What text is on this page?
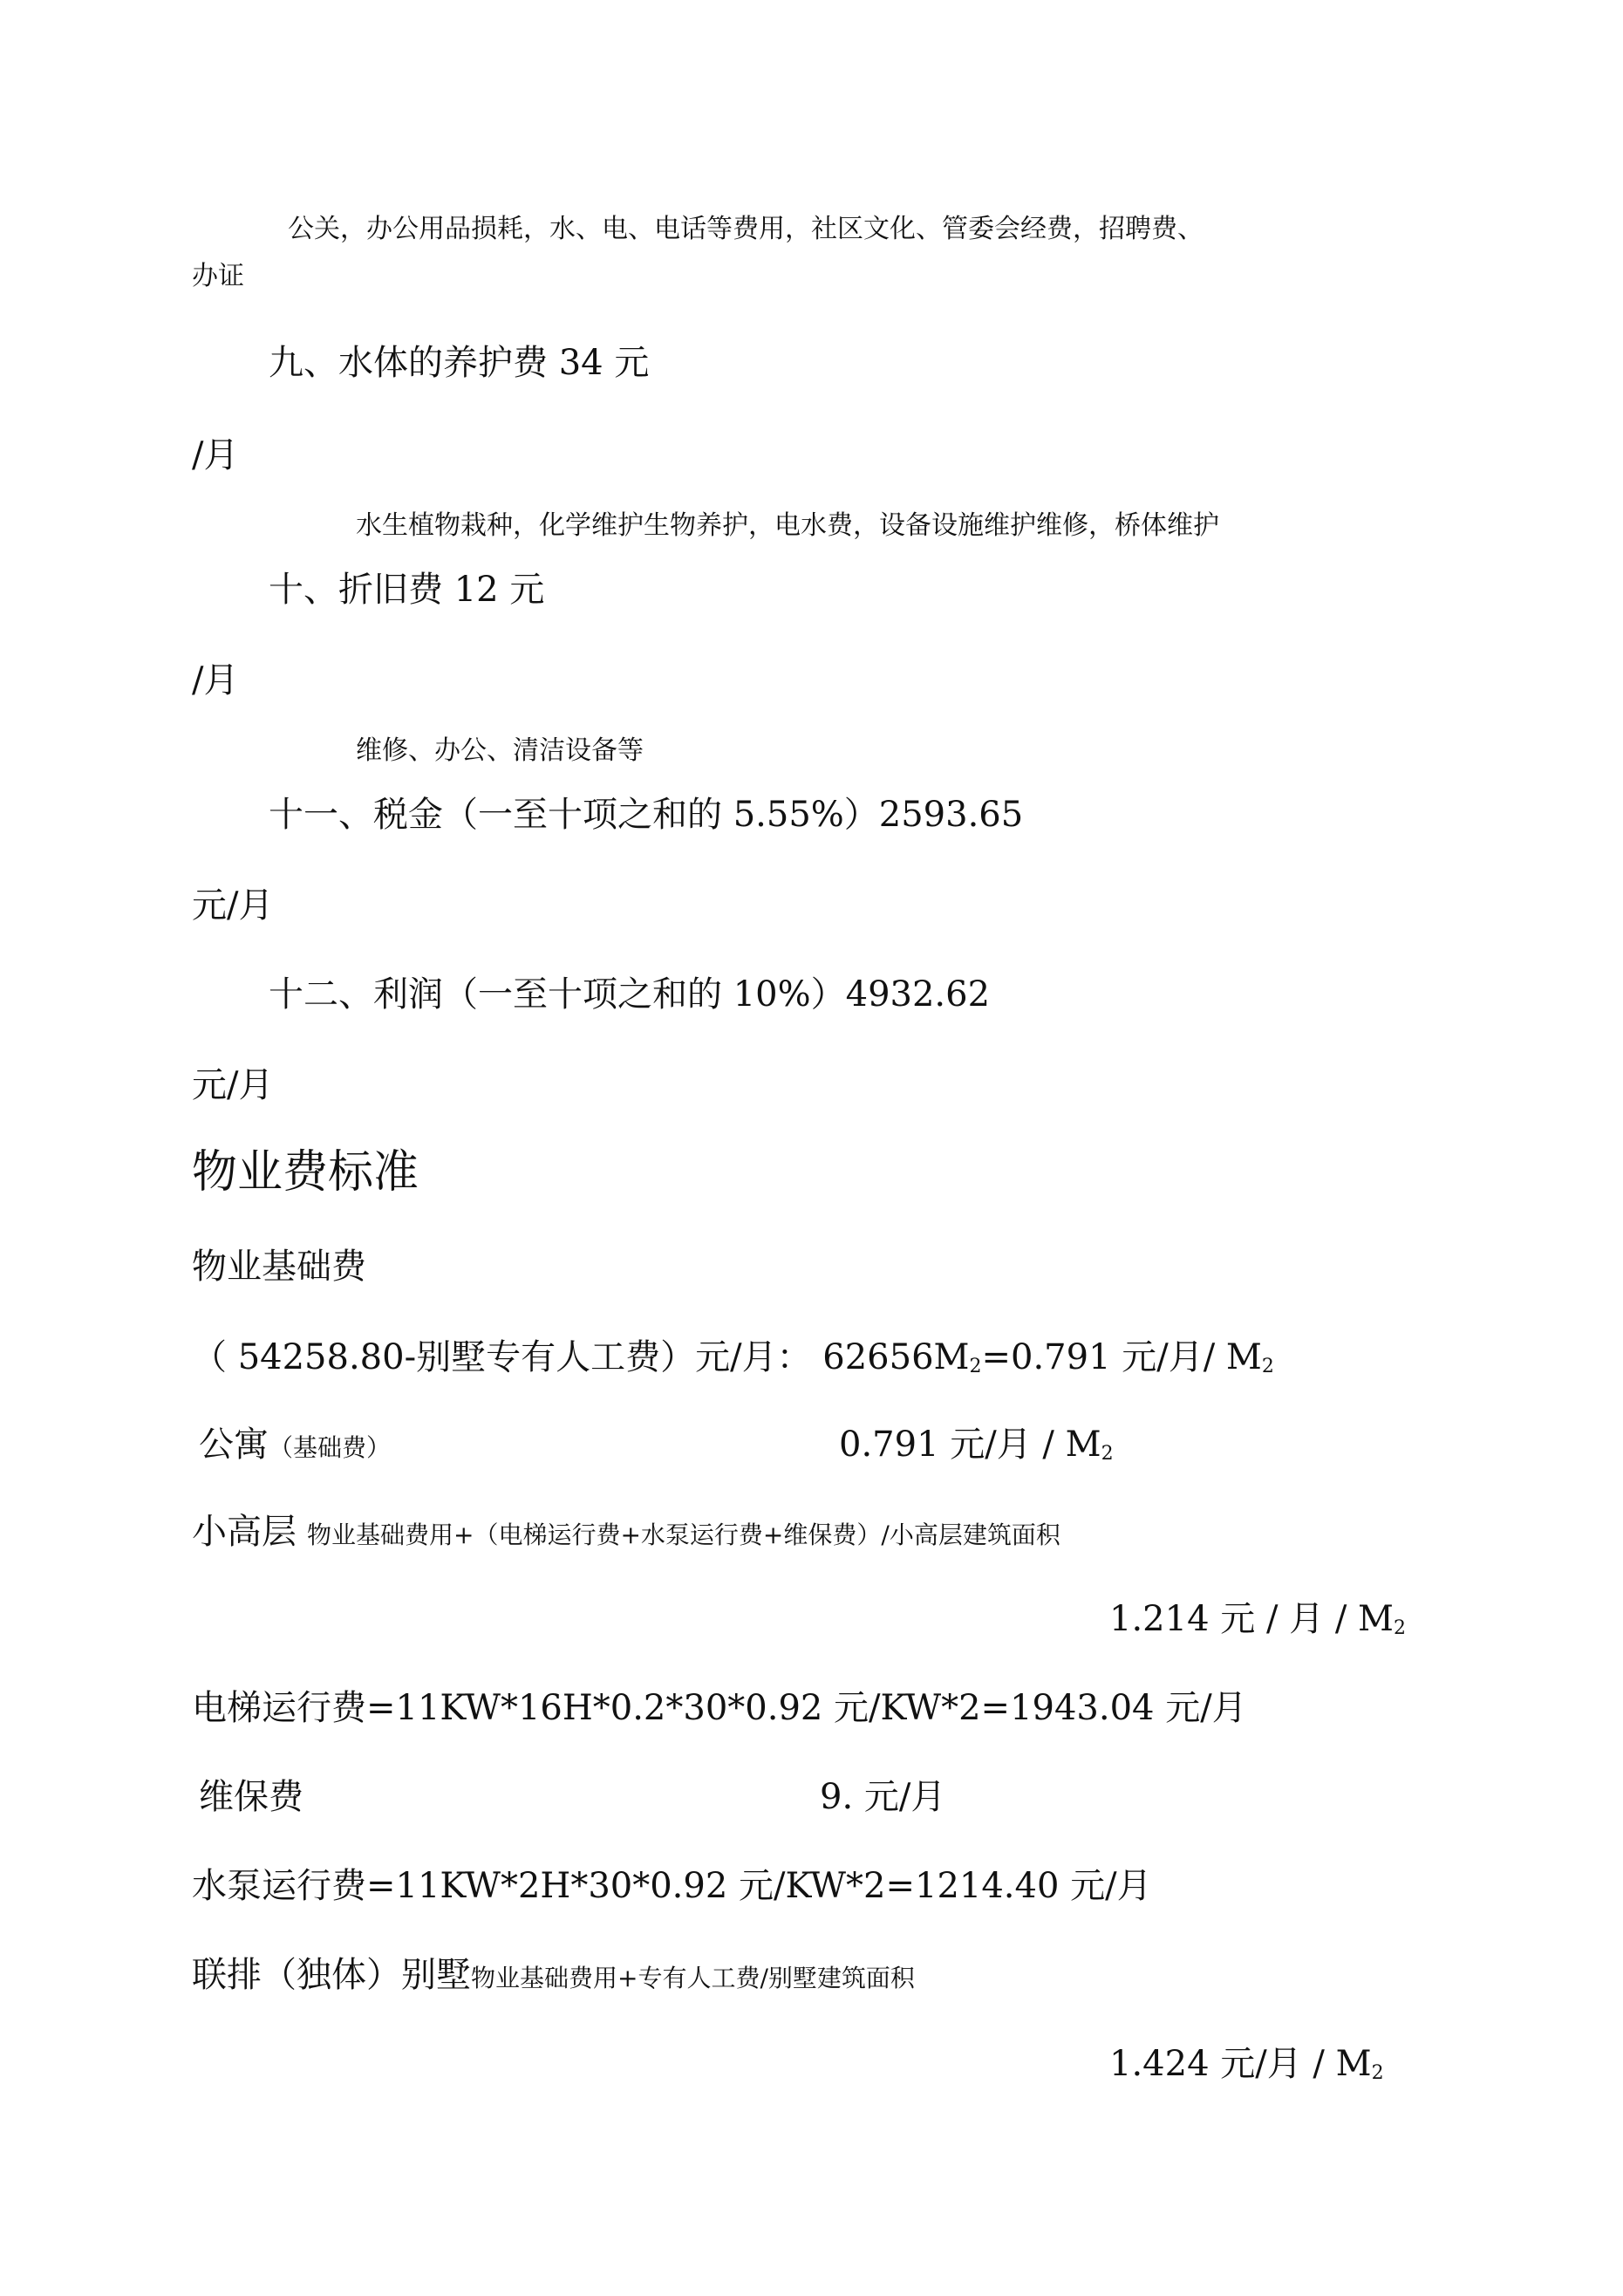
公关，办公用品损耗，水、电、电话等费用，社区文化、管委会经费，招聘费、
办证
九、水体的养护费 34 元
/月
水生植物栽种，化学维护生物养护，电水费，设备设施维护维修，桥体维护
十、折旧费 12 元
/月
维修、办公、清洁设备等
十一、税金（一至十项之和的 5.55%）2593.65
元/月
十二、利润（一至十项之和的 10%）4932.62
元/月
物业费标准
物业基础费
（ 54258.80-别墅专有人工费）元/月： $62656M_2=0.791$ 元/月/ $M_2$
公寓（基础费）	0.791 元/月 / $M_2$
小高层 物业基础费用+（电梯运行费+水泵运行费+维保费）/小高层建筑面积
1.214 元 / 月 / $M_2$
电梯运行费=11KW*16H*0.2*30*0.92 元/KW*2=1943.04 元/月
维保费	9. 元/月
水泵运行费=11KW*2H*30*0.92 元/KW*2=1214.40 元/月
联排（独体）别墅物业基础费用+专有人工费/别墅建筑面积
1.424 元/月 / $M_2$
